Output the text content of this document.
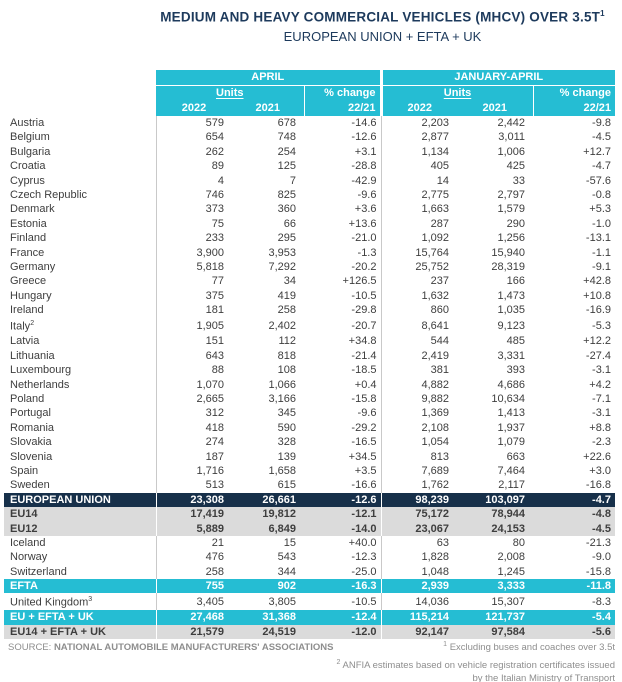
MEDIUM AND HEAVY COMMERCIAL VEHICLES (MHCV) OVER $3.5T^1$
EUROPEAN UNION + EFTA + UK
	APRIL			JANUARY-APRIL		
	Units		% change	Units		% change
	2022	2021	22/21	2022	2021	22/21
Austria	579	678	-14.6	2,203	2,442	-9.8
Belgium	654	748	-12.6	2,877	3,011	-4.5
Bulgaria	262	254	+3.1	1,134	1,006	+12.7
Croatia	89	125	-28.8	405	425	-4.7
Cyprus	4	7	-42.9	14	33	-57.6
Czech Republic	746	825	-9.6	2,775	2,797	-0.8
Denmark	373	360	+3.6	1,663	1,579	+5.3
Estonia	75	66	+13.6	287	290	-1.0
Finland	233	295	-21.0	1,092	1,256	-13.1
France	3,900	3,953	-1.3	15,764	15,940	-1.1
Germany	5,818	7,292	-20.2	25,752	28,319	-9.1
Greece	77	34	+126.5	237	166	+42.8
Hungary	375	419	-10.5	1,632	1,473	+10.8
Ireland	181	258	-29.8	860	1,035	-16.9
Italy$^2$	1,905	2,402	-20.7	8,641	9,123	-5.3
Latvia	151	112	+34.8	544	485	+12.2
Lithuania	643	818	-21.4	2,419	3,331	-27.4
Luxembourg	88	108	-18.5	381	393	-3.1
Netherlands	1,070	1,066	+0.4	4,882	4,686	+4.2
Poland	2,665	3,166	-15.8	9,882	10,634	-7.1
Portugal	312	345	-9.6	1,369	1,413	-3.1
Romania	418	590	-29.2	2,108	1,937	+8.8
Slovakia	274	328	-16.5	1,054	1,079	-2.3
Slovenia	187	139	+34.5	813	663	+22.6
Spain	1,716	1,658	+3.5	7,689	7,464	+3.0
Sweden	513	615	-16.6	1,762	2,117	-16.8
EUROPEAN UNION	23,308	26,661	-12.6	98,239	103,097	-4.7
EU14	17,419	19,812	-12.1	75,172	78,944	-4.8
EU12	5,889	6,849	-14.0	23,067	24,153	-4.5
Iceland	21	15	+40.0	63	80	-21.3
Norway	476	543	-12.3	1,828	2,008	-9.0
Switzerland	258	344	-25.0	1,048	1,245	-15.8
EFTA	755	902	-16.3	2,939	3,333	-11.8
United Kingdom$^3$	3,405	3,805	-10.5	14,036	15,307	-8.3
EU + EFTA + UK	27,468	31,368	-12.4	115,214	121,737	-5.4
EU14 + EFTA + UK	21,579	24,519	-12.0	92,147	97,584	-5.6
SOURCE: NATIONAL AUTOMOBILE MANUFACTURERS' ASSOCIATIONS	$^1$ Excluding buses and coaches over 3.5t
$^2$ ANFIA estimates based on vehicle registration certificates issued by the Italian Ministry of Transport
